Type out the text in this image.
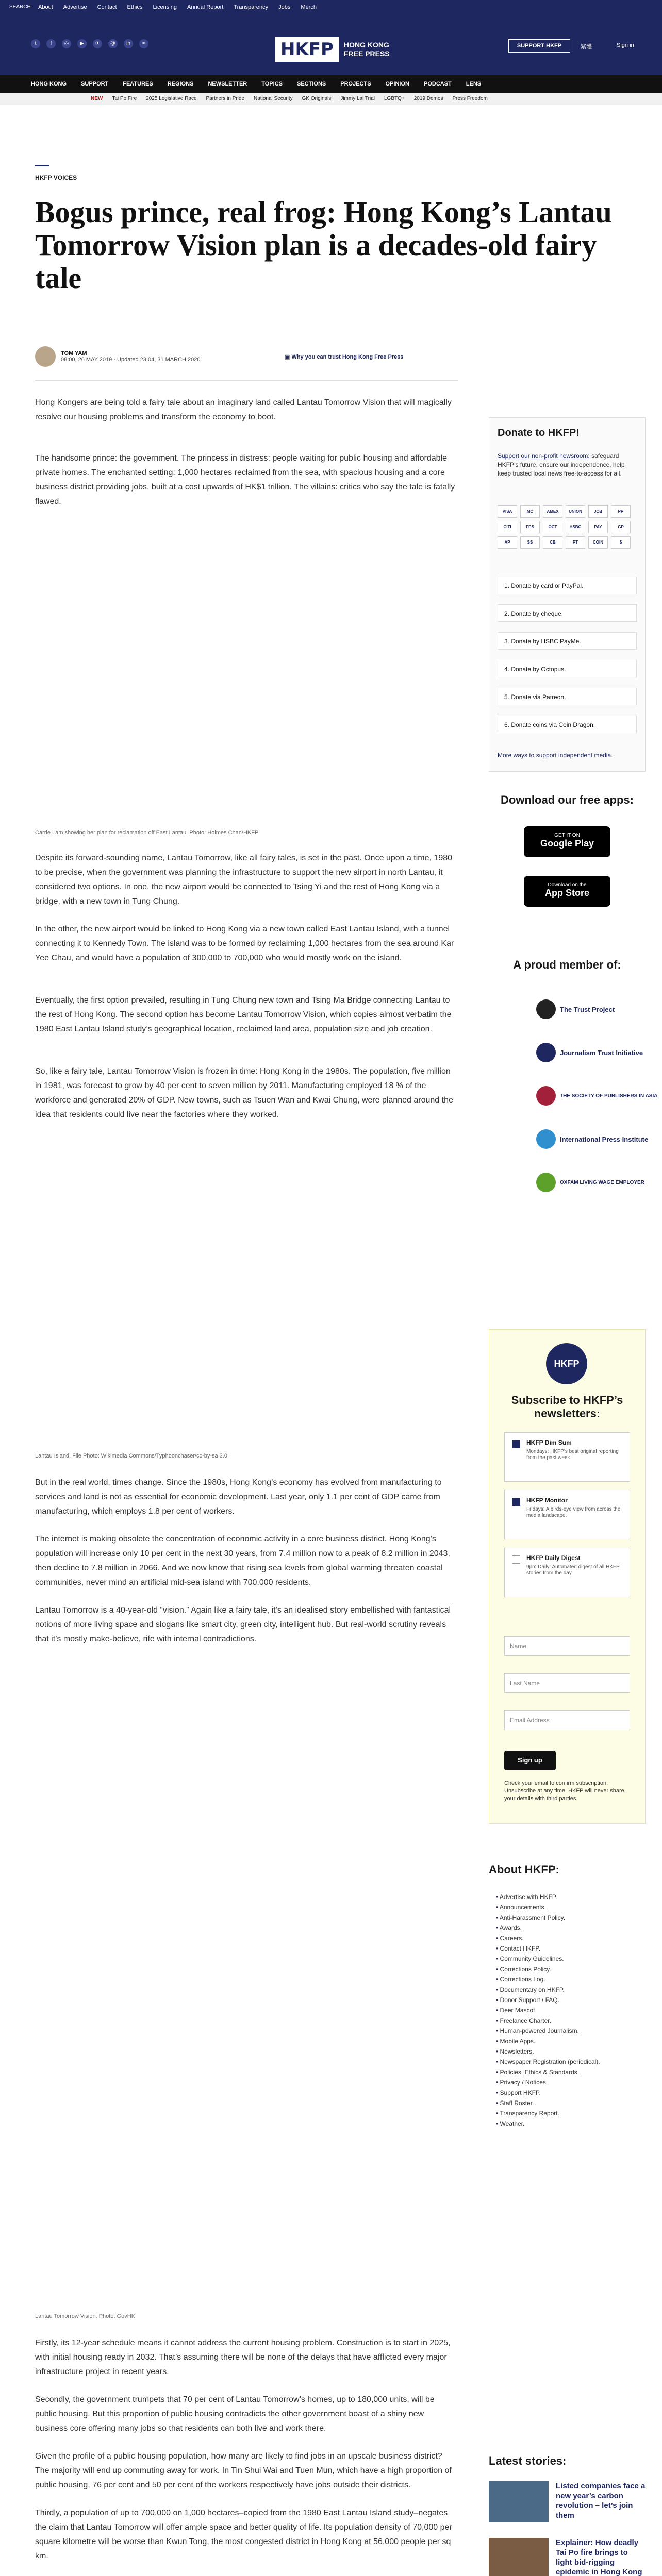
SEARCH About Advertise Contact Ethics Licensing Annual Report Transparency Jobs Merch
t	f	◎	▶	✈	@	in	≈	HKFP	HONG KONG
FREE PRESS
SUPPORT HKFP	繁體	Sign in
HONG KONG	SUPPORT	FEATURES	REGIONS	NEWSLETTER	TOPICS	SECTIONS	PROJECTS	OPINION	PODCAST	LENS
NEW Tai Po Fire 2025 Legislative Race Partners in Pride National Security GK Originals Jimmy Lai Trial LGBTQ+ 2019 Demos Press Freedom
HKFP VOICES
Bogus prince, real frog: Hong Kong’s Lantau Tomorrow Vision plan is a decades-old fairy tale
TOM YAM
08:00, 26 MAY 2019 · Updated 23:04, 31 MARCH 2020	▣ Why you can trust Hong Kong Free Press

Hong Kongers are being told a fairy tale about an imaginary land called Lantau Tomorrow Vision that will magically resolve our housing problems and transform the economy to boot.

The handsome prince: the government. The princess in distress: people waiting for public housing and affordable private homes. The enchanted setting: 1,000 hectares reclaimed from the sea, with spacious housing and a core business district providing jobs, built at a cost upwards of HK$1 trillion. The villains: critics who say the tale is fatally flawed.

Carrie Lam showing her plan for reclamation off East Lantau. Photo: Holmes Chan/HKFP

Despite its forward-sounding name, Lantau Tomorrow, like all fairy tales, is set in the past. Once upon a time, 1980 to be precise, when the government was planning the infrastructure to support the new airport in north Lantau, it considered two options. In one, the new airport would be connected to Tsing Yi and the rest of Hong Kong via a bridge, with a new town in Tung Chung.

In the other, the new airport would be linked to Hong Kong via a new town called East Lantau Island, with a tunnel connecting it to Kennedy Town. The island was to be formed by reclaiming 1,000 hectares from the sea around Kar Yee Chau, and would have a population of 300,000 to 700,000 who would mostly work on the island.

Eventually, the first option prevailed, resulting in Tung Chung new town and Tsing Ma Bridge connecting Lantau to the rest of Hong Kong. The second option has become Lantau Tomorrow Vision, which copies almost verbatim the 1980 East Lantau Island study’s geographical location, reclaimed land area, population size and job creation.

So, like a fairy tale, Lantau Tomorrow Vision is frozen in time: Hong Kong in the 1980s. The population, five million in 1981, was forecast to grow by 40 per cent to seven million by 2011. Manufacturing employed 18 % of the workforce and generated 20% of GDP. New towns, such as Tsuen Wan and Kwai Chung, were planned around the idea that residents could live near the factories where they worked.

Lantau Island. File Photo: Wikimedia Commons/Typhoonchaser/cc-by-sa 3.0

But in the real world, times change. Since the 1980s, Hong Kong’s economy has evolved from manufacturing to services and land is not as essential for economic development. Last year, only 1.1 per cent of GDP came from manufacturing, which employs 1.8 per cent of workers.

The internet is making obsolete the concentration of economic activity in a core business district. Hong Kong’s population will increase only 10 per cent in the next 30 years, from 7.4 million now to a peak of 8.2 million in 2043, then decline to 7.8 million in 2066. And we now know that rising sea levels from global warming threaten coastal communities, never mind an artificial mid-sea island with 700,000 residents.

Lantau Tomorrow is a 40-year-old “vision.” Again like a fairy tale, it’s an idealised story embellished with fantastical notions of more living space and slogans like smart city, green city, intelligent hub. But real-world scrutiny reveals that it’s mostly make-believe, rife with internal contradictions.

Lantau Tomorrow Vision. Photo: GovHK.

Firstly, its 12-year schedule means it cannot address the current housing problem. Construction is to start in 2025, with initial housing ready in 2032. That’s assuming there will be none of the delays that have afflicted every major infrastructure project in recent years.

Secondly, the government trumpets that 70 per cent of Lantau Tomorrow’s homes, up to 180,000 units, will be public housing. But this proportion of public housing contradicts the other government boast of a shiny new business core offering many jobs so that residents can both live and work there.

Given the profile of a public housing population, how many are likely to find jobs in an upscale business district? The majority will end up commuting away for work. In Tin Shui Wai and Tuen Mun, which have a high proportion of public housing, 76 per cent and 50 per cent of the workers respectively have jobs outside their districts.

Thirdly, a population of up to 700,000 on 1,000 hectares–copied from the 1980 East Lantau Island study–negates the claim that Lantau Tomorrow will offer ample space and better quality of life. Its population density of 70,000 per square kilometre will be worse than Kwun Tong, the most congested district in Hong Kong at 56,000 people per sq km.

Donate to HKFP!
Support our non-profit newsroom: safeguard HKFP’s future, ensure our independence, help keep trusted local news free-to-access for all.
VISA	MC	AMEX	UNION	JCB	PP
CITI	FPS	OCT	HSBC	PAY	GP
AP	SS	CB	PT	COIN	$
1. Donate by card or PayPal.
2. Donate by cheque.
3. Donate by HSBC PayMe.
4. Donate by Octopus.
5. Donate via Patreon.
6. Donate coins via Coin Dragon.
More ways to support independent media.
Download our free apps:
GET IT ON
Google Play
Download on the
App Store
A proud member of:
The Trust Project
Journalism Trust Initiative
THE SOCIETY OF PUBLISHERS IN ASIA
International Press Institute
OXFAM LIVING WAGE EMPLOYER
HKFP
Subscribe to HKFP’s newsletters:
HKFP Dim Sum
Mondays: HKFP’s best original reporting from the past week.
HKFP Monitor
Fridays: A birds-eye view from across the media landscape.
HKFP Daily Digest
9pm Daily: Automated digest of all HKFP stories from the day.
Name
Last Name
Email Address
Sign up
Check your email to confirm subscription. Unsubscribe at any time. HKFP will never share your details with third parties.
About HKFP:
• Advertise with HKFP.
• Announcements.
• Anti-Harassment Policy.
• Awards.
• Careers.
• Contact HKFP.
• Community Guidelines.
• Corrections Policy.
• Corrections Log.
• Documentary on HKFP.
• Donor Support / FAQ.
• Deer Mascot.
• Freelance Charter.
• Human-powered Journalism.
• Mobile Apps.
• Newsletters.
• Newspaper Registration (periodical).
• Policies, Ethics & Standards.
• Privacy / Notices.
• Support HKFP.
• Staff Roster.
• Transparency Report.
• Weather.
Latest stories:
Listed companies face a new year’s carbon revolution – let’s join them
Explainer: How deadly Tai Po fire brings to light bid-rigging epidemic in Hong Kong
